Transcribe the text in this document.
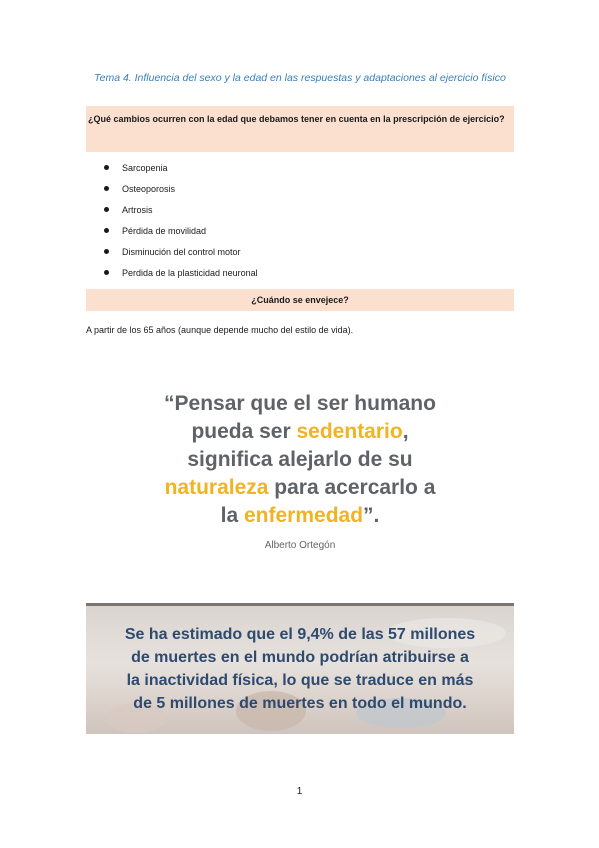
Tema 4. Influencia del sexo y la edad en las respuestas y adaptaciones al ejercicio físico

¿Qué cambios ocurren con la edad que debamos tener en cuenta en la prescripción de ejercicio?

Sarcopenia
Osteoporosis
Artrosis
Pérdida de movilidad
Disminución del control motor
Perdida de la plasticidad neuronal

¿Cuándo se envejece?

A partir de los 65 años (aunque depende mucho del estilo de vida).
“Pensar que el ser humano
pueda ser sedentario,
significa alejarlo de su
naturaleza para acercarlo a
la enfermedad”.
Alberto Ortegón
Se ha estimado que el 9,4% de las 57 millones
de muertes en el mundo podrían atribuirse a
la inactividad física, lo que se traduce en más
de 5 millones de muertes en todo el mundo.
1
